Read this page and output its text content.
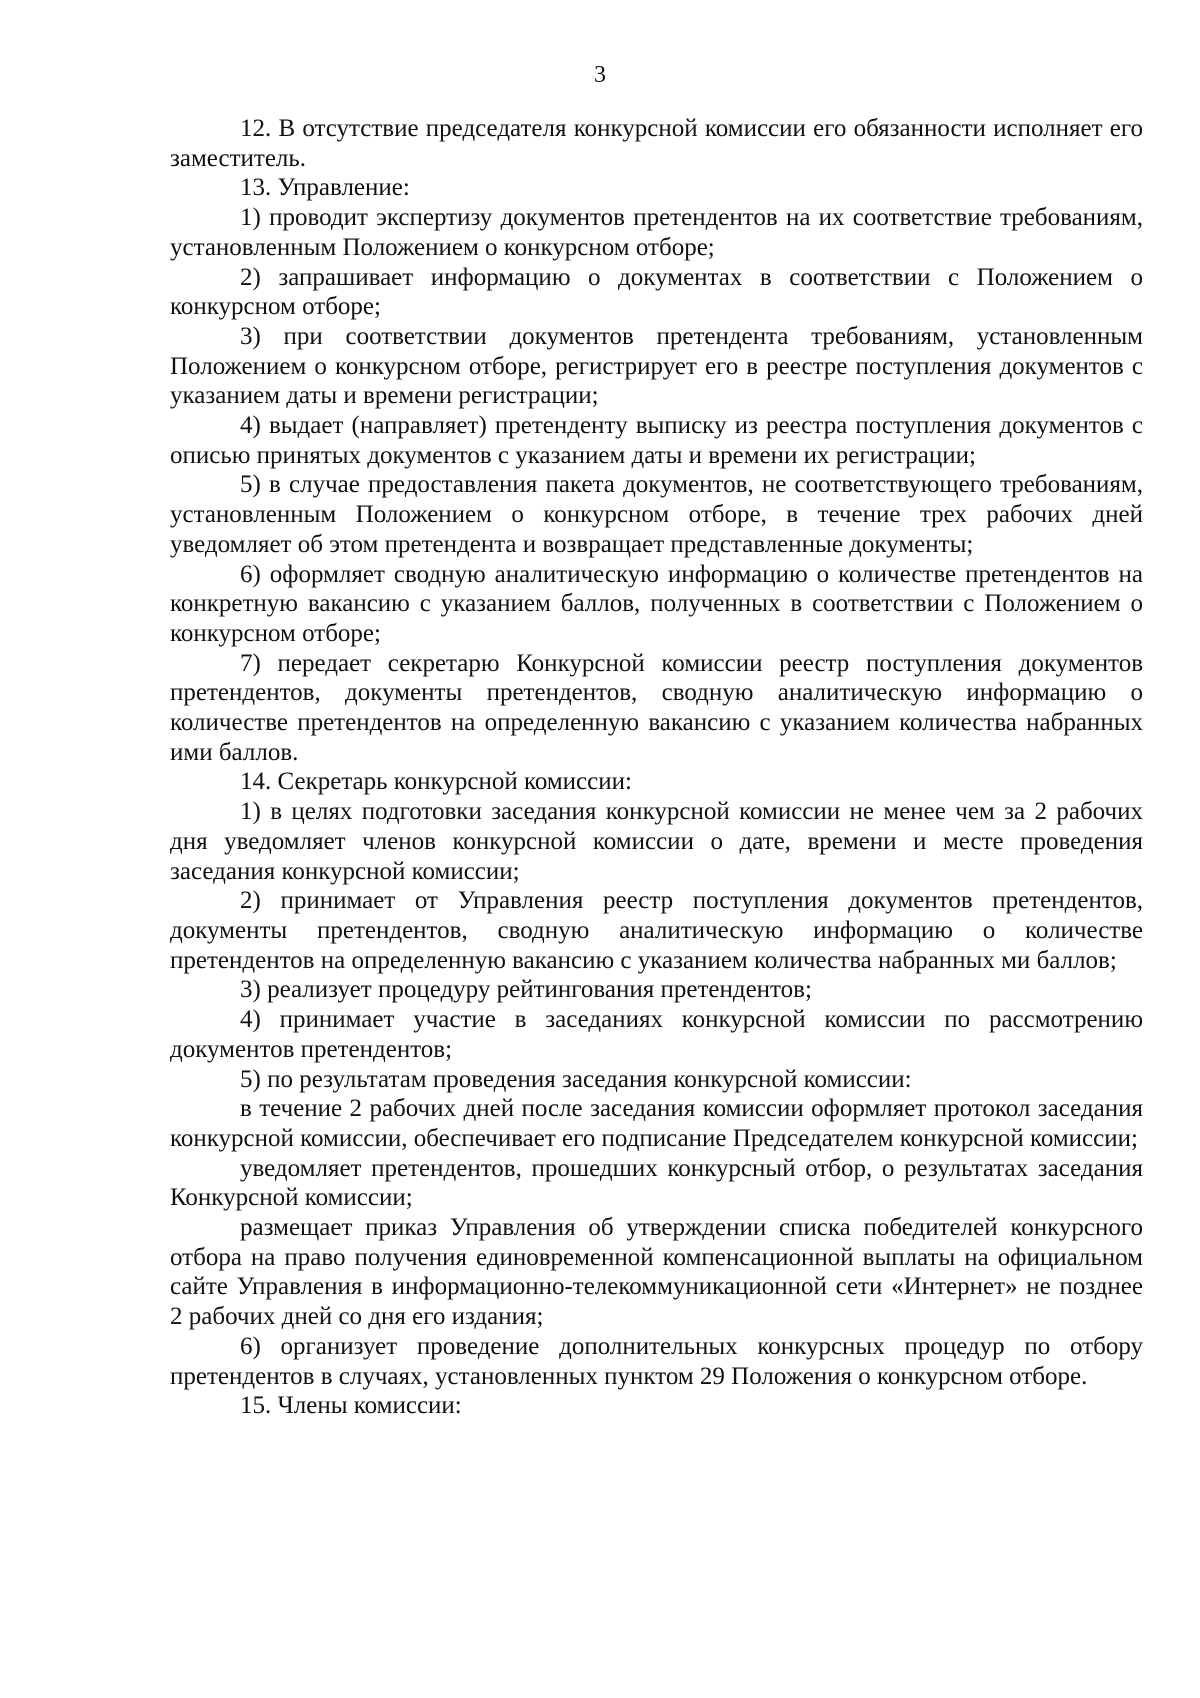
3

12. В отсутствие председателя конкурсной комиссии его обязанности исполняет его заместитель.

13. Управление:

1) проводит экспертизу документов претендентов на их соответствие требованиям, установленным Положением о конкурсном отборе;

2) запрашивает информацию о документах в соответствии с Положением о конкурсном отборе;

3) при соответствии документов претендента требованиям, установленным Положением о конкурсном отборе, регистрирует его в реестре поступления документов с указанием даты и времени регистрации;

4) выдает (направляет) претенденту выписку из реестра поступления документов с описью принятых документов с указанием даты и времени их регистрации;

5) в случае предоставления пакета документов, не соответствующего требованиям, установленным Положением о конкурсном отборе, в течение трех рабочих дней уведомляет об этом претендента и возвращает представленные документы;

6) оформляет сводную аналитическую информацию о количестве претендентов на конкретную вакансию с указанием баллов, полученных в соответствии с Положением о конкурсном отборе;

7) передает секретарю Конкурсной комиссии реестр поступления документов претендентов, документы претендентов, сводную аналитическую информацию о количестве претендентов на определенную вакансию с указанием количества набранных ими баллов.

14. Секретарь конкурсной комиссии:

1) в целях подготовки заседания конкурсной комиссии не менее чем за 2 рабочих дня уведомляет членов конкурсной комиссии о дате, времени и месте проведения заседания конкурсной комиссии;

2) принимает от Управления реестр поступления документов претендентов, документы претендентов, сводную аналитическую информацию о количестве претендентов на определенную вакансию с указанием количества набранных ми баллов;

3) реализует процедуру рейтингования претендентов;

4) принимает участие в заседаниях конкурсной комиссии по рассмотрению документов претендентов;

5) по результатам проведения заседания конкурсной комиссии:

в течение 2 рабочих дней после заседания комиссии оформляет протокол заседания конкурсной комиссии, обеспечивает его подписание Председателем конкурсной комиссии;

уведомляет претендентов, прошедших конкурсный отбор, о результатах заседания Конкурсной комиссии;

размещает приказ Управления об утверждении списка победителей конкурсного отбора на право получения единовременной компенсационной выплаты на официальном сайте Управления в информационно-телекоммуникационной сети «Интернет» не позднее 2 рабочих дней со дня его издания;

6) организует проведение дополнительных конкурсных процедур по отбору претендентов в случаях, установленных пунктом 29 Положения о конкурсном отборе.

15. Члены комиссии:
